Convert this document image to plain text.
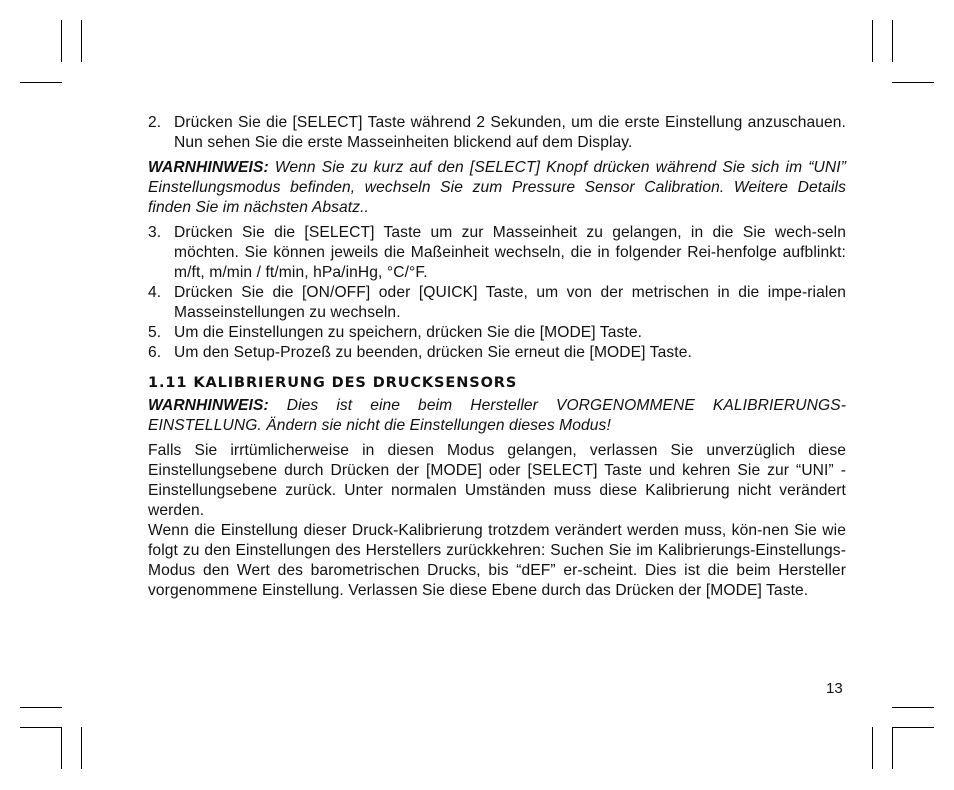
2. Drücken Sie die [SELECT] Taste während 2 Sekunden, um die erste Einstellung anzuschauen. Nun sehen Sie die erste Masseinheiten blickend auf dem Display.

WARNHINWEIS: Wenn Sie zu kurz auf den [SELECT] Knopf drücken während Sie sich im “UNI” Einstellungsmodus befinden, wechseln Sie zum Pressure Sensor Calibration. Weitere Details finden Sie im nächsten Absatz..

3. Drücken Sie die [SELECT] Taste um zur Masseinheit zu gelangen, in die Sie wech-seln möchten. Sie können jeweils die Maßeinheit wechseln, die in folgender Rei-henfolge aufblinkt: m/ft, m/min / ft/min, hPa/inHg, °C/°F.
4. Drücken Sie die [ON/OFF] oder [QUICK] Taste, um von der metrischen in die impe-rialen Masseinstellungen zu wechseln.
5. Um die Einstellungen zu speichern, drücken Sie die [MODE] Taste.
6. Um den Setup-Prozeß zu beenden, drücken Sie erneut die [MODE] Taste.
1.11 KALIBRIERUNG DES DRUCKSENSORS

WARNHINWEIS: Dies ist eine beim Hersteller VORGENOMMENE KALIBRIERUNGS-EINSTELLUNG. Ändern sie nicht die Einstellungen dieses Modus!

Falls Sie irrtümlicherweise in diesen Modus gelangen, verlassen Sie unverzüglich diese Einstellungsebene durch Drücken der [MODE] oder [SELECT] Taste und kehren Sie zur “UNI” -Einstellungsebene zurück. Unter normalen Umständen muss diese Kalibrierung nicht verändert werden.

Wenn die Einstellung dieser Druck-Kalibrierung trotzdem verändert werden muss, kön-nen Sie wie folgt zu den Einstellungen des Herstellers zurückkehren: Suchen Sie im Kalibrierungs-Einstellungs-Modus den Wert des barometrischen Drucks, bis “dEF” er-scheint. Dies ist die beim Hersteller vorgenommene Einstellung. Verlassen Sie diese Ebene durch das Drücken der [MODE] Taste.

13
